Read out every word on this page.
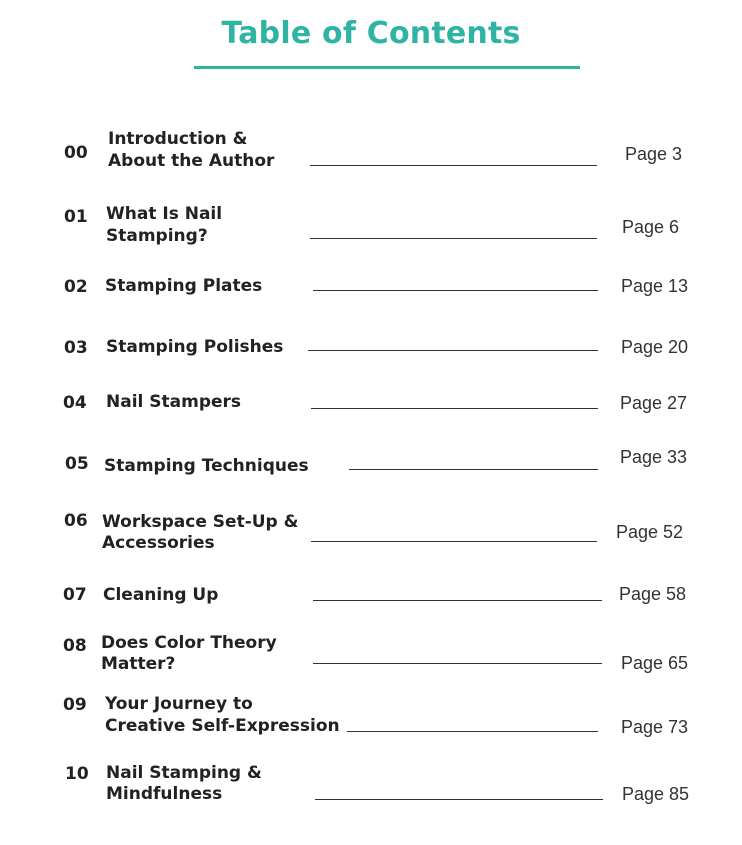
Table of Contents
00
Introduction &
About the Author	Page 3
01 What Is Nail
Stamping?	Page 6
02 Stamping Plates	Page 13
03 Stamping Polishes	Page 20
04 Nail Stampers	Page 27
05 Stamping Techniques	Page 33
06 Workspace Set-Up &
Accessories
Page 52
07 Cleaning Up	Page 58
08 Does Color Theory
Matter?	Page 65
09 Your Journey to
Creative Self-Expression	Page 73
10 Nail Stamping &
Mindfulness	Page 85
